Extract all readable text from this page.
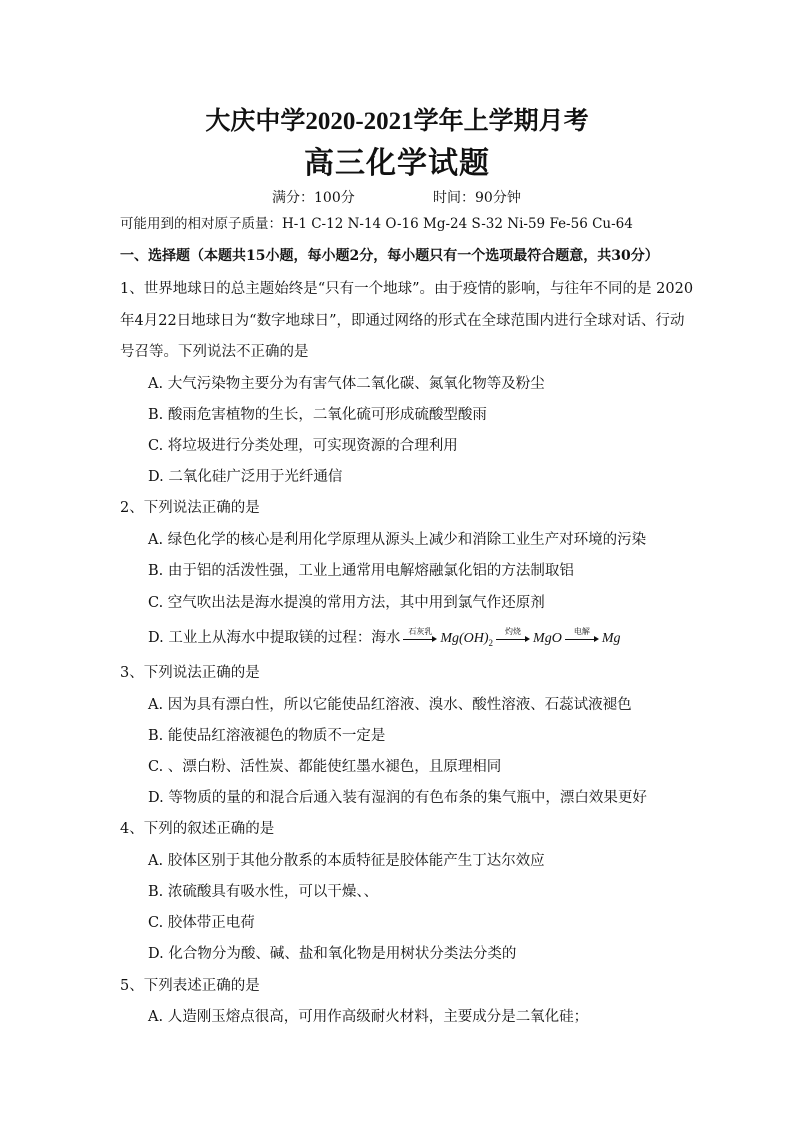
大庆中学2020-2021学年上学期月考
高三化学试题
满分：100分	时间：90分钟
可能用到的相对原子质量：H-1 C-12 N-14 O-16 Mg-24 S-32 Ni-59 Fe-56 Cu-64
一、选择题（本题共15小题，每小题2分，每小题只有一个选项最符合题意，共30分）
1、世界地球日的总主题始终是“只有一个地球”。由于疫情的影响，与往年不同的是 2020
年4月22日地球日为“数字地球日”，即通过网络的形式在全球范围内进行全球对话、行动
号召等。下列说法不正确的是
A. 大气污染物主要分为有害气体二氧化碳、氮氧化物等及粉尘
B. 酸雨危害植物的生长，二氧化硫可形成硫酸型酸雨
C. 将垃圾进行分类处理，可实现资源的合理利用
D. 二氧化硅广泛用于光纤通信
2、下列说法正确的是
A. 绿色化学的核心是利用化学原理从源头上减少和消除工业生产对环境的污染
B. 由于铝的活泼性强，工业上通常用电解熔融氯化铝的方法制取铝
C. 空气吹出法是海水提溴的常用方法，其中用到氯气作还原剂
D. 工业上从海水中提取镁的过程：海水	石灰乳 $Mg(OH)_2$
灼烧 MgO	电解 Mg
3、下列说法正确的是
A. 因为具有漂白性，所以它能使品红溶液、溴水、酸性溶液、石蕊试液褪色
B. 能使品红溶液褪色的物质不一定是
C. 、漂白粉、活性炭、都能使红墨水褪色，且原理相同
D. 等物质的量的和混合后通入装有湿润的有色布条的集气瓶中，漂白效果更好
4、下列的叙述正确的是
A. 胶体区别于其他分散系的本质特征是胶体能产生丁达尔效应
B. 浓硫酸具有吸水性，可以干燥、、
C. 胶体带正电荷
D. 化合物分为酸、碱、盐和氧化物是用树状分类法分类的
5、下列表述正确的是
A. 人造刚玉熔点很高，可用作高级耐火材料，主要成分是二氧化硅；
